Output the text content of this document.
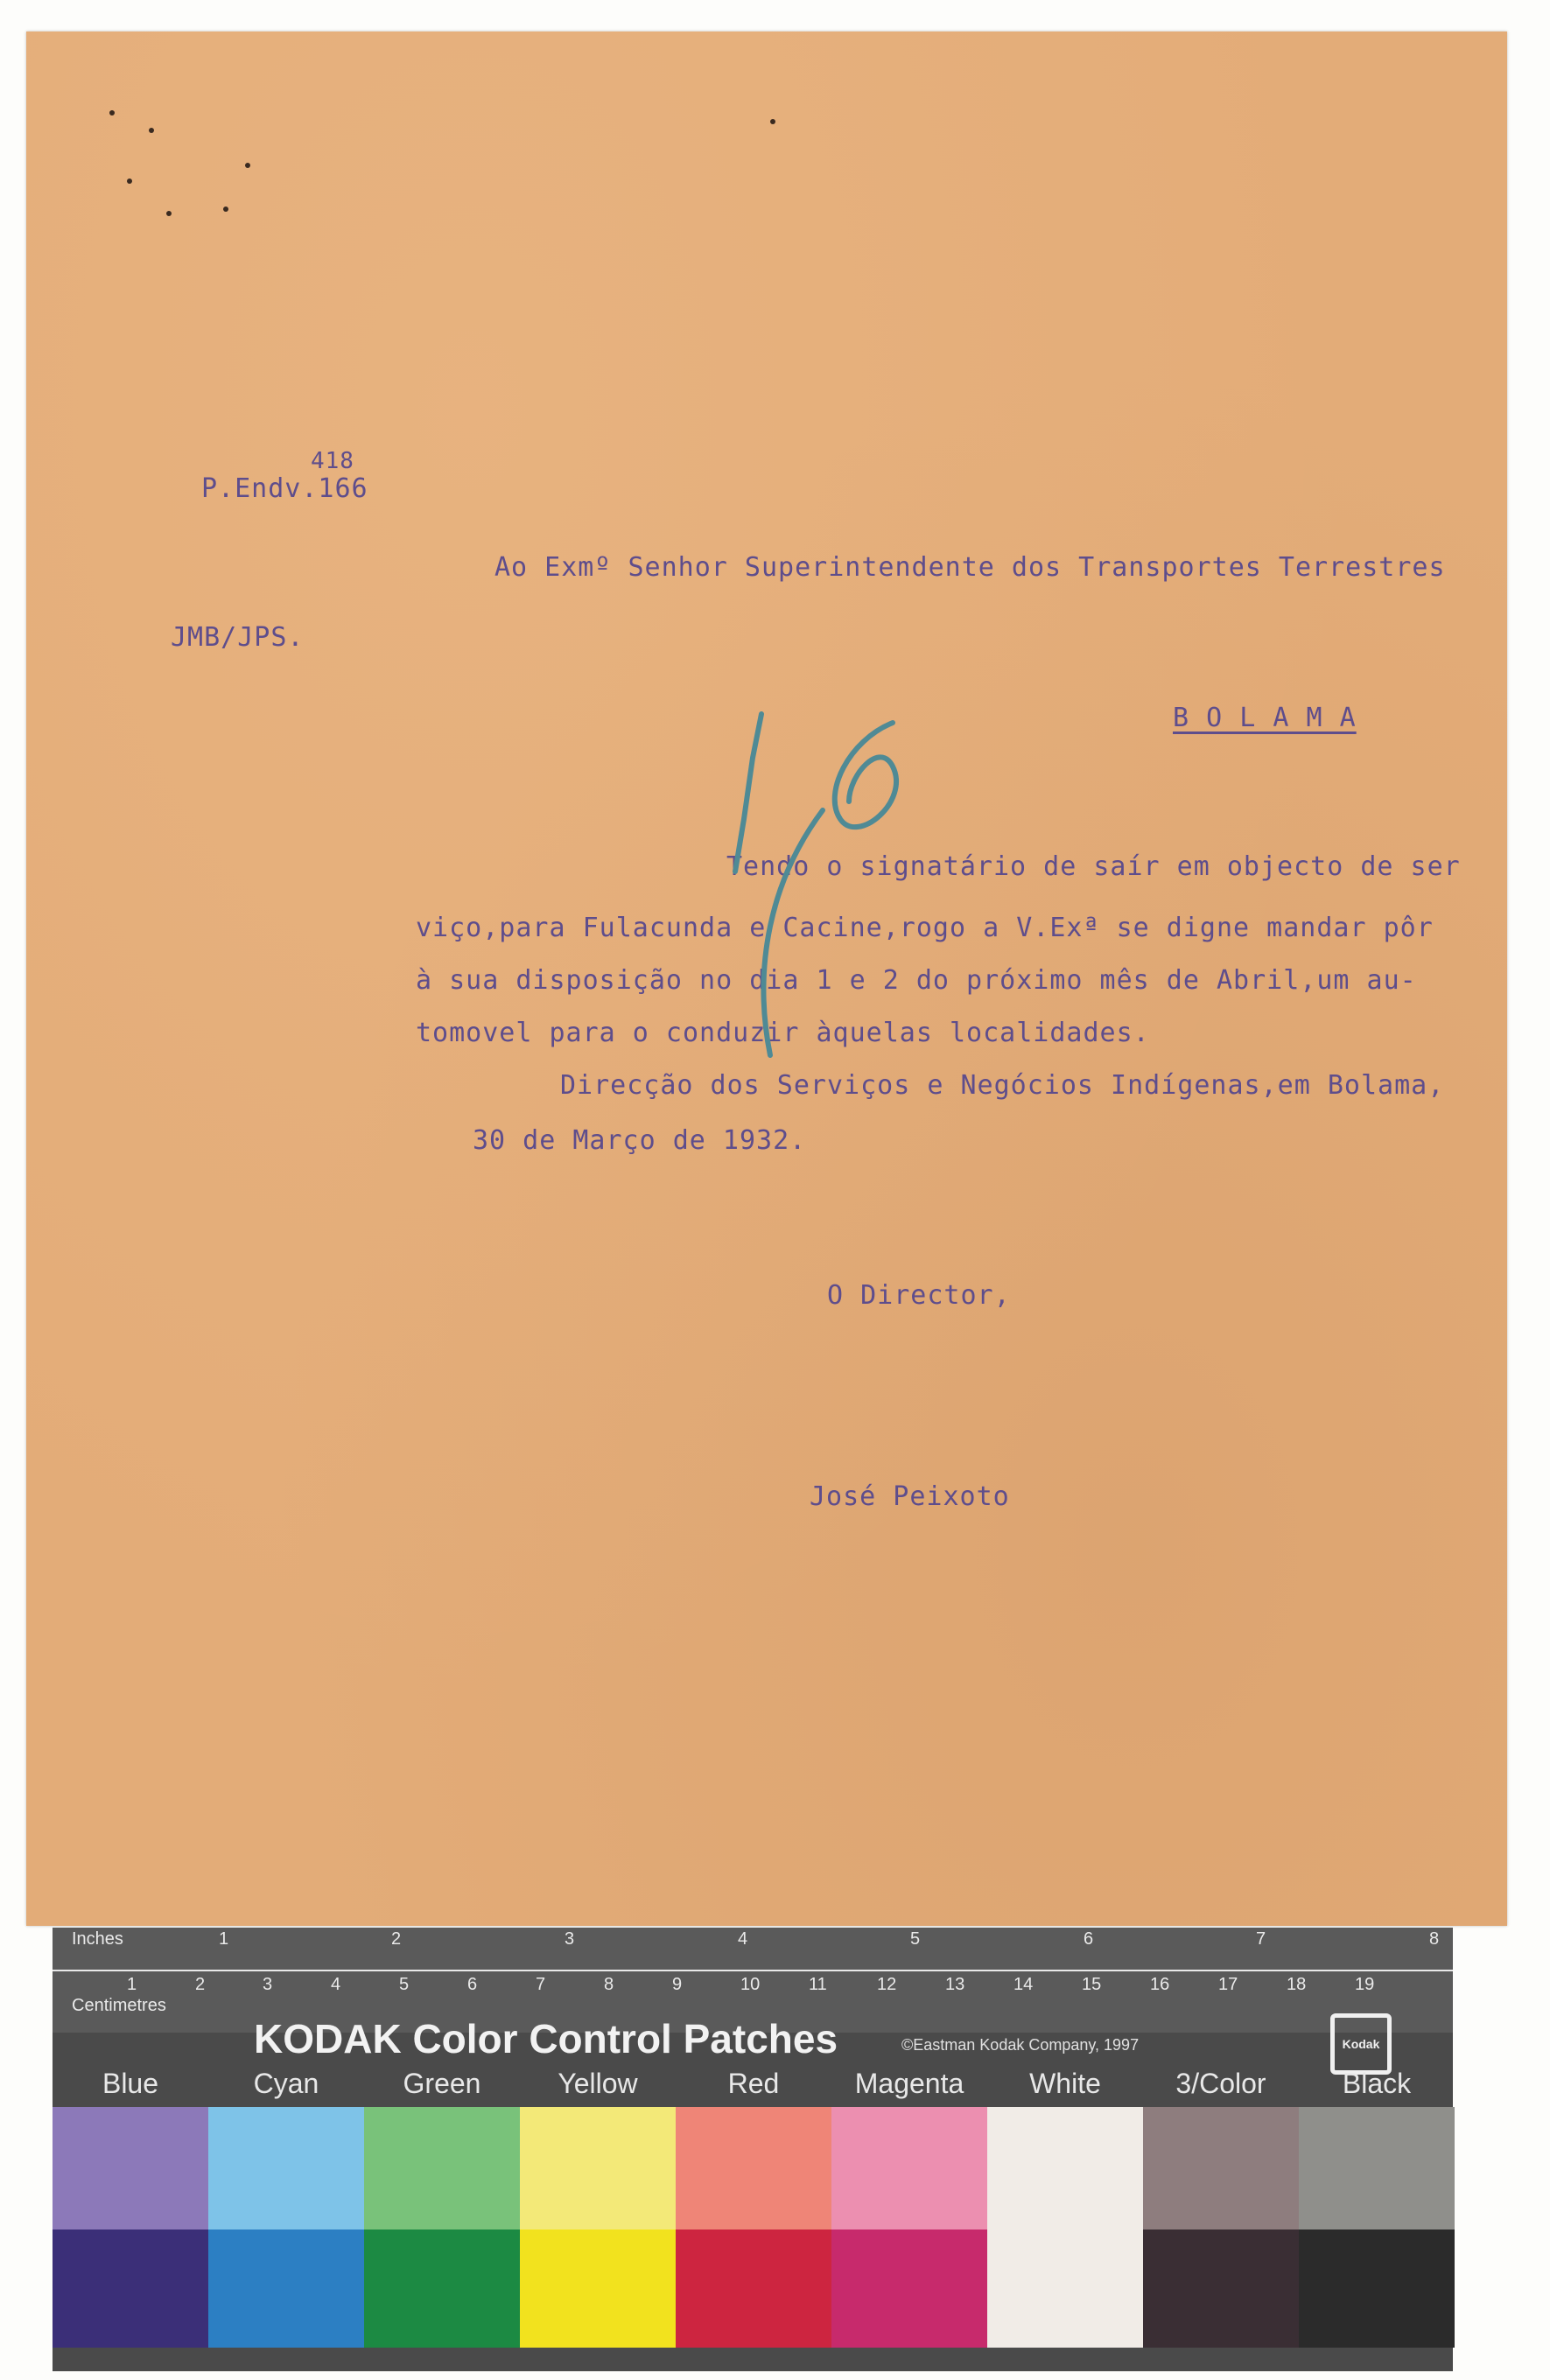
418
P.Endv.166
Ao Exmº Senhor Superintendente dos Transportes Terrestres
JMB/JPS.
B O L A M A
Tendo o signatário de saír em objecto de ser
viço,para Fulacunda e Cacine,rogo a V.Exª se digne mandar pôr
à sua disposição no dia 1 e 2 do próximo mês de Abril,um au-
tomovel para o conduzir àquelas localidades.
Direcção dos Serviços e Negócios Indígenas,em Bolama,
30 de Março de 1932.
O Director,
José Peixoto
Inches
Centimetres
1	2	3	4	5	6	7	8
1	2	3	4	5	6	7	8	9	10	11	12	13	14	15	16	17	18	19
KODAK Color Control Patches	©Eastman Kodak Company, 1997	Kodak
Blue	Cyan	Green	Yellow	Red	Magenta	White	3/Color	Black
